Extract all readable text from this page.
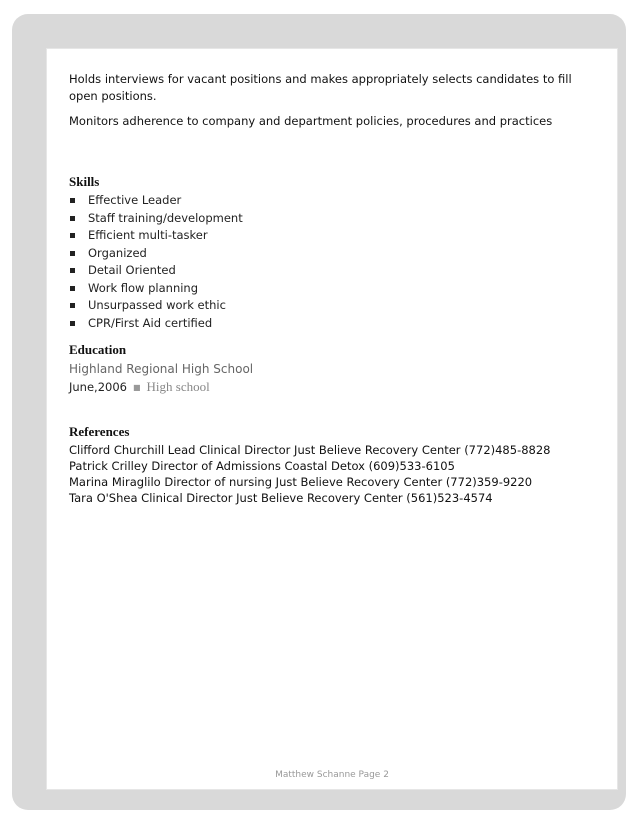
Holds interviews for vacant positions and makes appropriately selects candidates to fill open positions.

Monitors adherence to company and department policies, procedures and practices

Skills
Effective Leader
Staff training/development
Efficient multi-tasker
Organized
Detail Oriented
Work flow planning
Unsurpassed work ethic
CPR/First Aid certified
Education
Highland Regional High School
June,2006 ■ High school
References
Clifford Churchill Lead Clinical Director Just Believe Recovery Center (772)485-8828
Patrick Crilley Director of Admissions Coastal Detox (609)533-6105
Marina Miraglilo Director of nursing Just Believe Recovery Center (772)359-9220
Tara O'Shea Clinical Director Just Believe Recovery Center (561)523-4574
Matthew Schanne Page 2
